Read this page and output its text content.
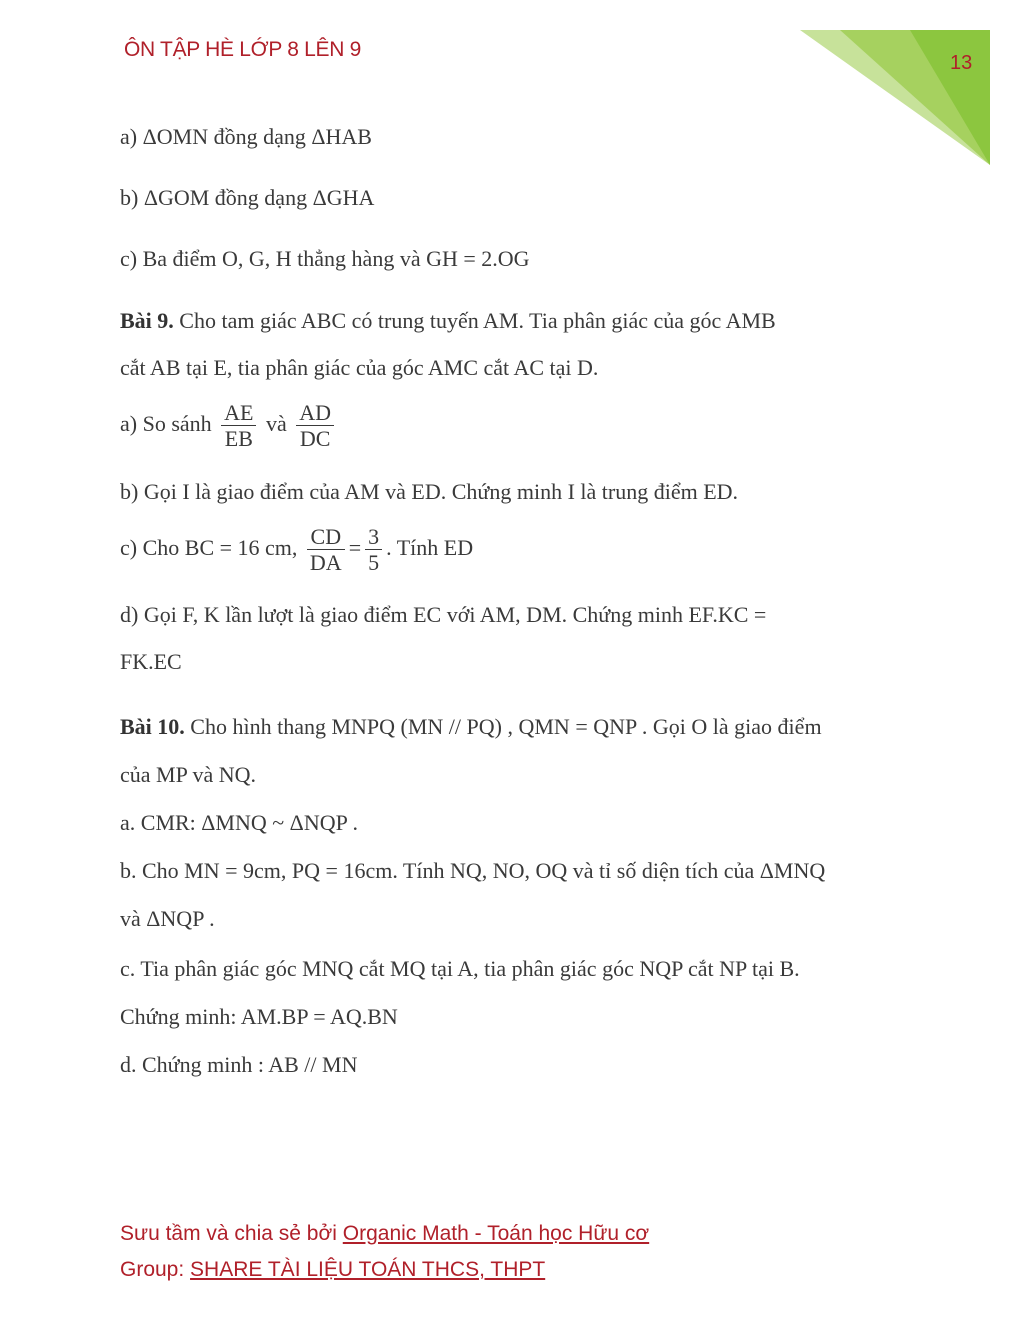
ÔN TẬP HÈ LỚP 8 LÊN 9
13
a) ΔOMN đồng dạng ΔHAB
b) ΔGOM đồng dạng ΔGHA
c) Ba điểm O, G, H thẳng hàng và GH = 2.OG
Bài 9. Cho tam giác ABC có trung tuyến AM. Tia phân giác của góc AMB
cắt AB tại E, tia phân giác của góc AMC cắt AC tại D.
a) So sánh $\frac{AE}{EB}$ và $\frac{AD}{DC}$
b) Gọi I là giao điểm của AM và ED. Chứng minh I là trung điểm ED.
c) Cho BC = 16 cm, $\frac{CD}{DA} = \frac{3}{5}$ . Tính ED
d) Gọi F, K lần lượt là giao điểm EC với AM, DM. Chứng minh EF.KC =
FK.EC
Bài 10. Cho hình thang MNPQ (MN // PQ) , QMN = QNP . Gọi O là giao điểm
của MP và NQ.
a. CMR: ΔMNQ ~ ΔNQP .
b. Cho MN = 9cm, PQ = 16cm. Tính NQ, NO, OQ và tỉ số diện tích của ΔMNQ
và ΔNQP .
c. Tia phân giác góc MNQ cắt MQ tại A, tia phân giác góc NQP cắt NP tại B.
Chứng minh: AM.BP = AQ.BN
d. Chứng minh : AB // MN
Sưu tầm và chia sẻ bởi Organic Math - Toán học Hữu cơ
Group: SHARE TÀI LIỆU TOÁN THCS, THPT
